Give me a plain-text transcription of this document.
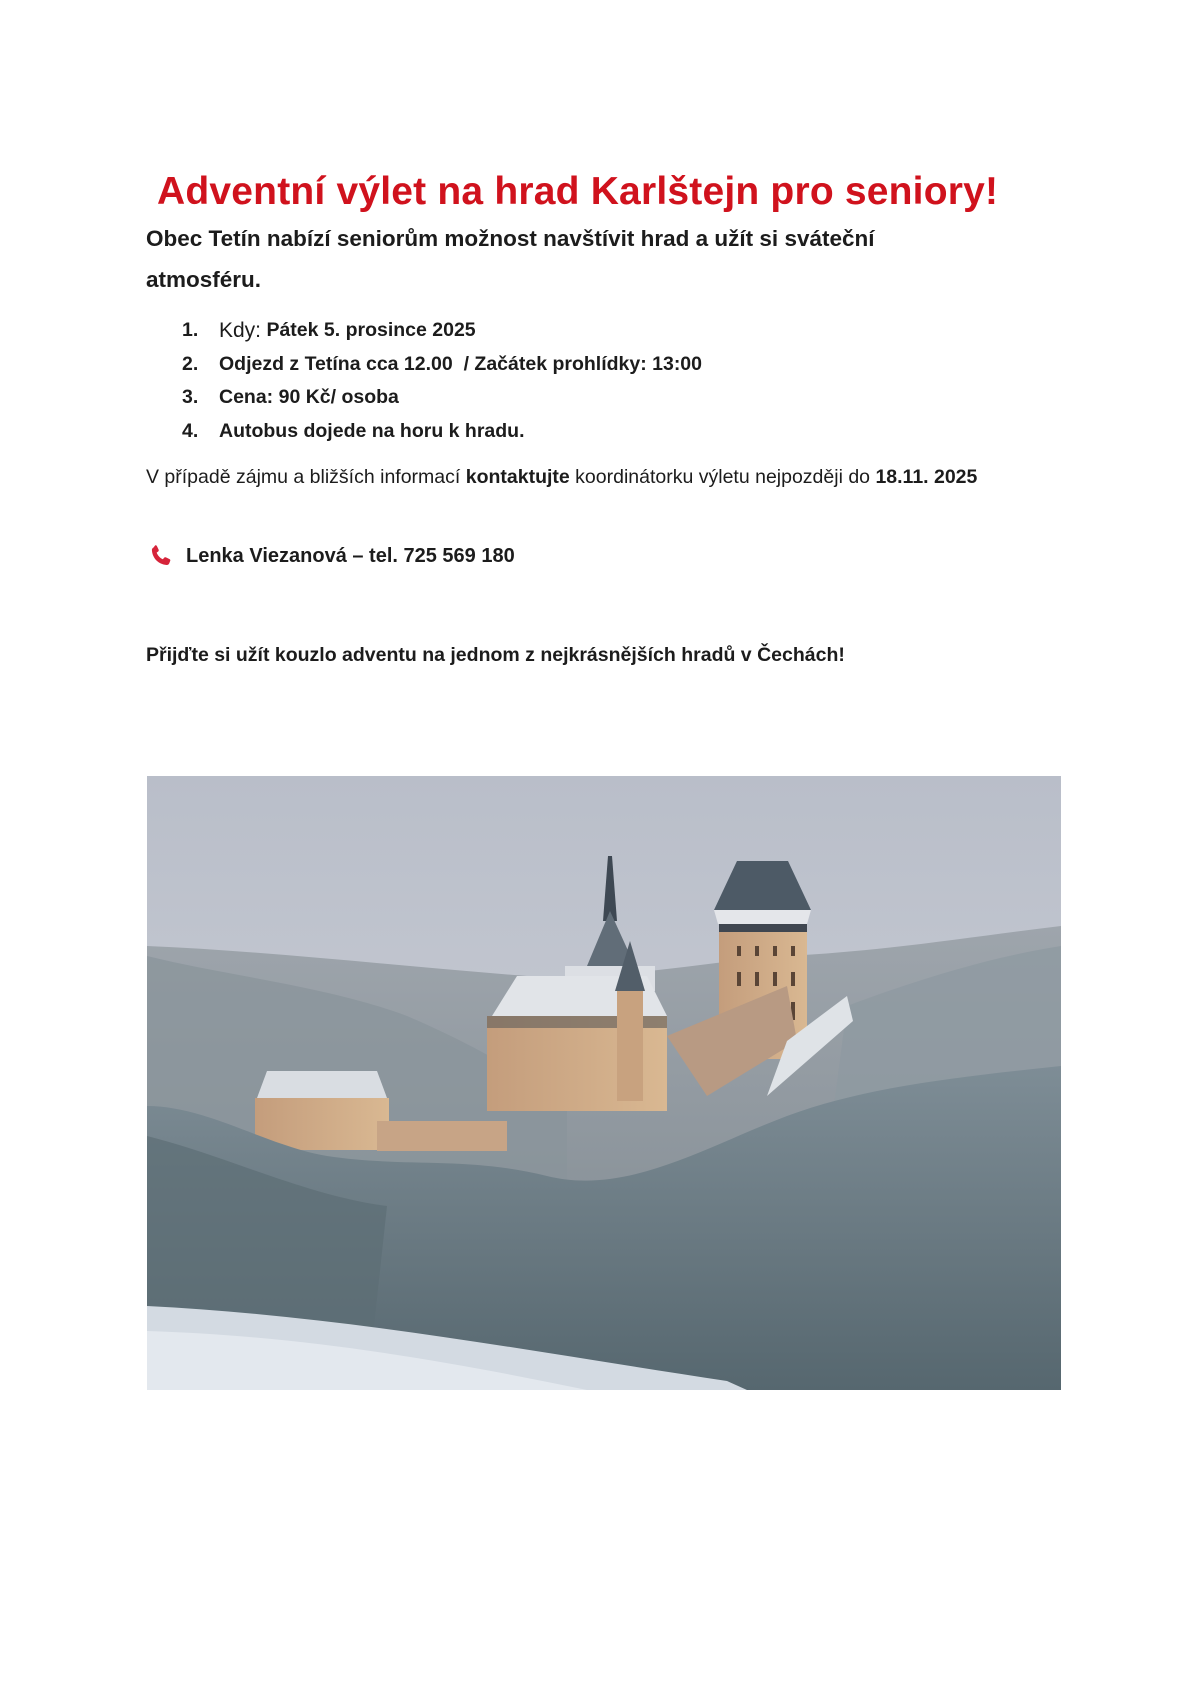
Adventní výlet na hrad Karlštejn pro seniory!
Obec Tetín nabízí seniorům možnost navštívit hrad a užít si sváteční atmosféru.
1. Kdy: Pátek 5. prosince 2025
2.	Odjezd z Tetína cca 12.00  / Začátek prohlídky: 13:00
3.	Cena: 90 Kč/ osoba
4.	Autobus dojede na horu k hradu.

V případě zájmu a bližších informací kontaktujte koordinátorku výletu nejpozději do 18.11. 2025

Lenka Viezanová – tel. 725 569 180
Přijďte si užít kouzlo adventu na jednom z nejkrásnějších hradů v Čechách!
